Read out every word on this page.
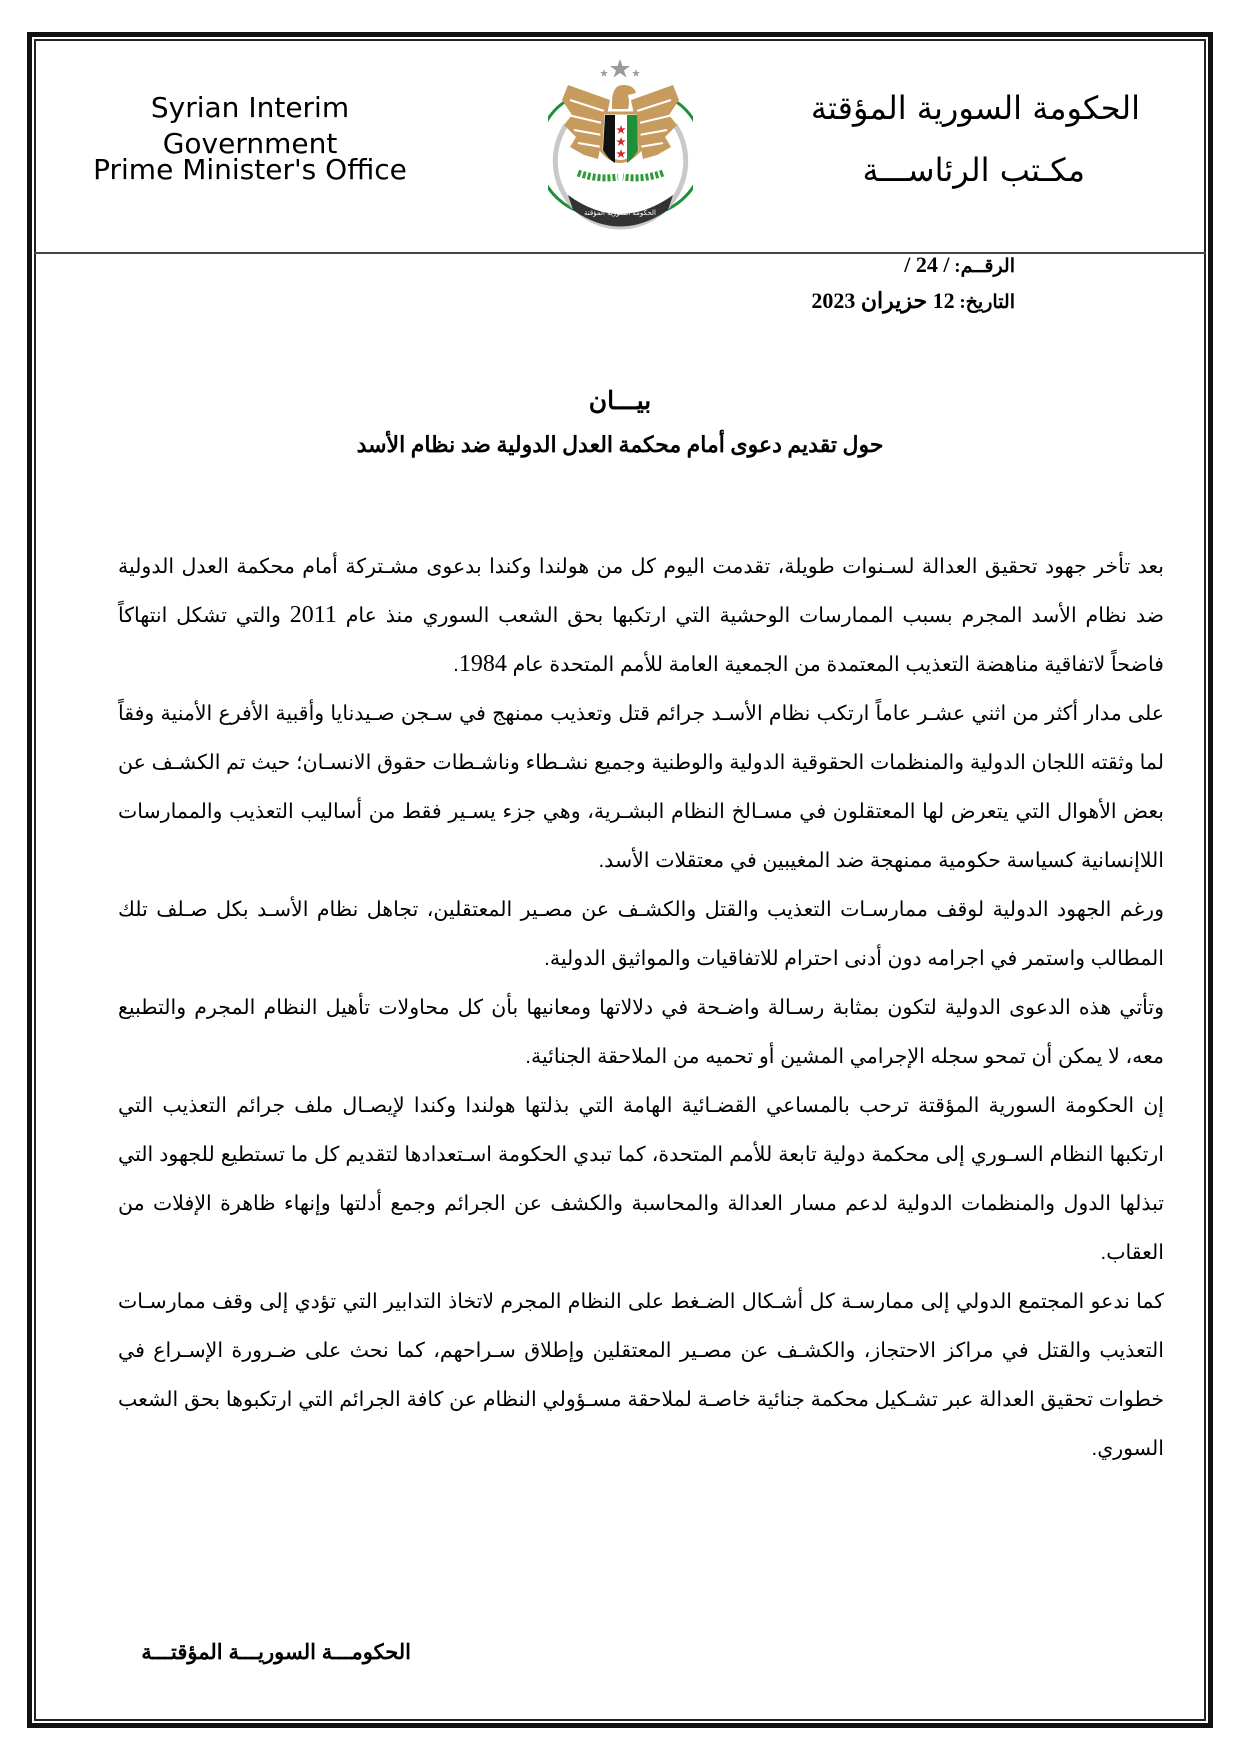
Syrian Interim Government
Prime Minister's Office
الحكومة السورية المؤقتة
الحكومة السورية المؤقتة
مكـتب الرئاســـة
الرقــم: / 24 /
التاريخ: 12 حزيران 2023
بيـــان
حول تقديم دعوى أمام محكمة العدل الدولية ضد نظام الأسد

بعد تأخر جهود تحقيق العدالة لسـنوات طويلة، تقدمت اليوم كل من هولندا وكندا بدعوى مشـتركة أمام محكمة العدل الدولية ضد نظام الأسد المجرم بسبب الممارسات الوحشية التي ارتكبها بحق الشعب السوري منذ عام 2011 والتي تشكل انتهاكاً فاضحاً لاتفاقية مناهضة التعذيب المعتمدة من الجمعية العامة للأمم المتحدة عام 1984.

على مدار أكثر من اثني عشـر عاماً ارتكب نظام الأسـد جرائم قتل وتعذيب ممنهج في سـجن صـيدنايا وأقبية الأفرع الأمنية وفقاً لما وثقته اللجان الدولية والمنظمات الحقوقية الدولية والوطنية وجميع نشـطاء وناشـطات حقوق الانسـان؛ حيث تم الكشـف عن بعض الأهوال التي يتعرض لها المعتقلون في مسـالخ النظام البشـرية، وهي جزء يسـير فقط من أساليب التعذيب والممارسات اللاإنسانية كسياسة حكومية ممنهجة ضد المغيبين في معتقلات الأسد.

ورغم الجهود الدولية لوقف ممارسـات التعذيب والقتل والكشـف عن مصـير المعتقلين، تجاهل نظام الأسـد بكل صـلف تلك المطالب واستمر في اجرامه دون أدنى احترام للاتفاقيات والمواثيق الدولية.

وتأتي هذه الدعوى الدولية لتكون بمثابة رسـالة واضـحة في دلالاتها ومعانيها بأن كل محاولات تأهيل النظام المجرم والتطبيع معه، لا يمكن أن تمحو سجله الإجرامي المشين أو تحميه من الملاحقة الجنائية.

إن الحكومة السورية المؤقتة ترحب بالمساعي القضـائية الهامة التي بذلتها هولندا وكندا لإيصـال ملف جرائم التعذيب التي ارتكبها النظام السـوري إلى محكمة دولية تابعة للأمم المتحدة، كما تبدي الحكومة اسـتعدادها لتقديم كل ما تستطيع للجهود التي تبذلها الدول والمنظمات الدولية لدعم مسار العدالة والمحاسبة والكشف عن الجرائم وجمع أدلتها وإنهاء ظاهرة الإفلات من العقاب.

كما ندعو المجتمع الدولي إلى ممارسـة كل أشـكال الضـغط على النظام المجرم لاتخاذ التدابير التي تؤدي إلى وقف ممارسـات التعذيب والقتل في مراكز الاحتجاز، والكشـف عن مصـير المعتقلين وإطلاق سـراحهم، كما نحث على ضـرورة الإسـراع في خطوات تحقيق العدالة عبر تشـكيل محكمة جنائية خاصـة لملاحقة مسـؤولي النظام عن كافة الجرائم التي ارتكبوها بحق الشعب السوري.

الحكومـــة السوريـــة المؤقتـــة
